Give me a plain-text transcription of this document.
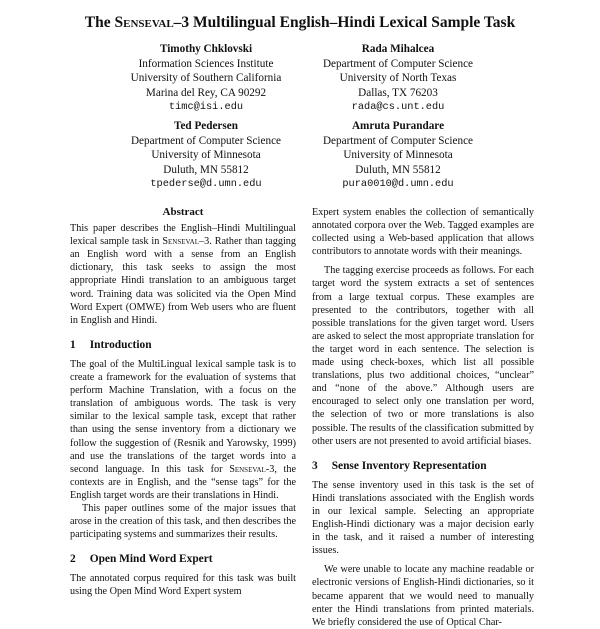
The Senseval–3 Multilingual English–Hindi Lexical Sample Task
Timothy Chklovski
Information Sciences Institute
University of Southern California
Marina del Rey, CA 90292
timc@isi.edu
Rada Mihalcea
Department of Computer Science
University of North Texas
Dallas, TX 76203
rada@cs.unt.edu
Ted Pedersen
Department of Computer Science
University of Minnesota
Duluth, MN 55812
tpederse@d.umn.edu
Amruta Purandare
Department of Computer Science
University of Minnesota
Duluth, MN 55812
pura0010@d.umn.edu
Abstract

This paper describes the English–Hindi Multilingual lexical sample task in Senseval–3. Rather than tagging an English word with a sense from an English dictionary, this task seeks to assign the most appropriate Hindi translation to an ambiguous target word. Training data was solicited via the Open Mind Word Expert (OMWE) from Web users who are fluent in English and Hindi.

1 Introduction

The goal of the MultiLingual lexical sample task is to create a framework for the evaluation of systems that perform Machine Translation, with a focus on the translation of ambiguous words. The task is very similar to the lexical sample task, except that rather than using the sense inventory from a dictionary we follow the suggestion of (Resnik and Yarowsky, 1999) and use the translations of the target words into a second language. In this task for Senseval-3, the contexts are in English, and the “sense tags” for the English target words are their translations in Hindi.

This paper outlines some of the major issues that arose in the creation of this task, and then describes the participating systems and summarizes their results.

2 Open Mind Word Expert

The annotated corpus required for this task was built using the Open Mind Word Expert system

Expert system enables the collection of semantically annotated corpora over the Web. Tagged examples are collected using a Web-based application that allows contributors to annotate words with their meanings.

The tagging exercise proceeds as follows. For each target word the system extracts a set of sentences from a large textual corpus. These examples are presented to the contributors, together with all possible translations for the given target word. Users are asked to select the most appropriate translation for the target word in each sentence. The selection is made using check-boxes, which list all possible translations, plus two additional choices, “unclear” and “none of the above.” Although users are encouraged to select only one translation per word, the selection of two or more translations is also possible. The results of the classification submitted by other users are not presented to avoid artificial biases.

3 Sense Inventory Representation

The sense inventory used in this task is the set of Hindi translations associated with the English words in our lexical sample. Selecting an appropriate English-Hindi dictionary was a major decision early in the task, and it raised a number of interesting issues.

We were unable to locate any machine readable or electronic versions of English-Hindi dictionaries, so it became apparent that we would need to manually enter the Hindi translations from printed materials. We briefly considered the use of Optical Char-
